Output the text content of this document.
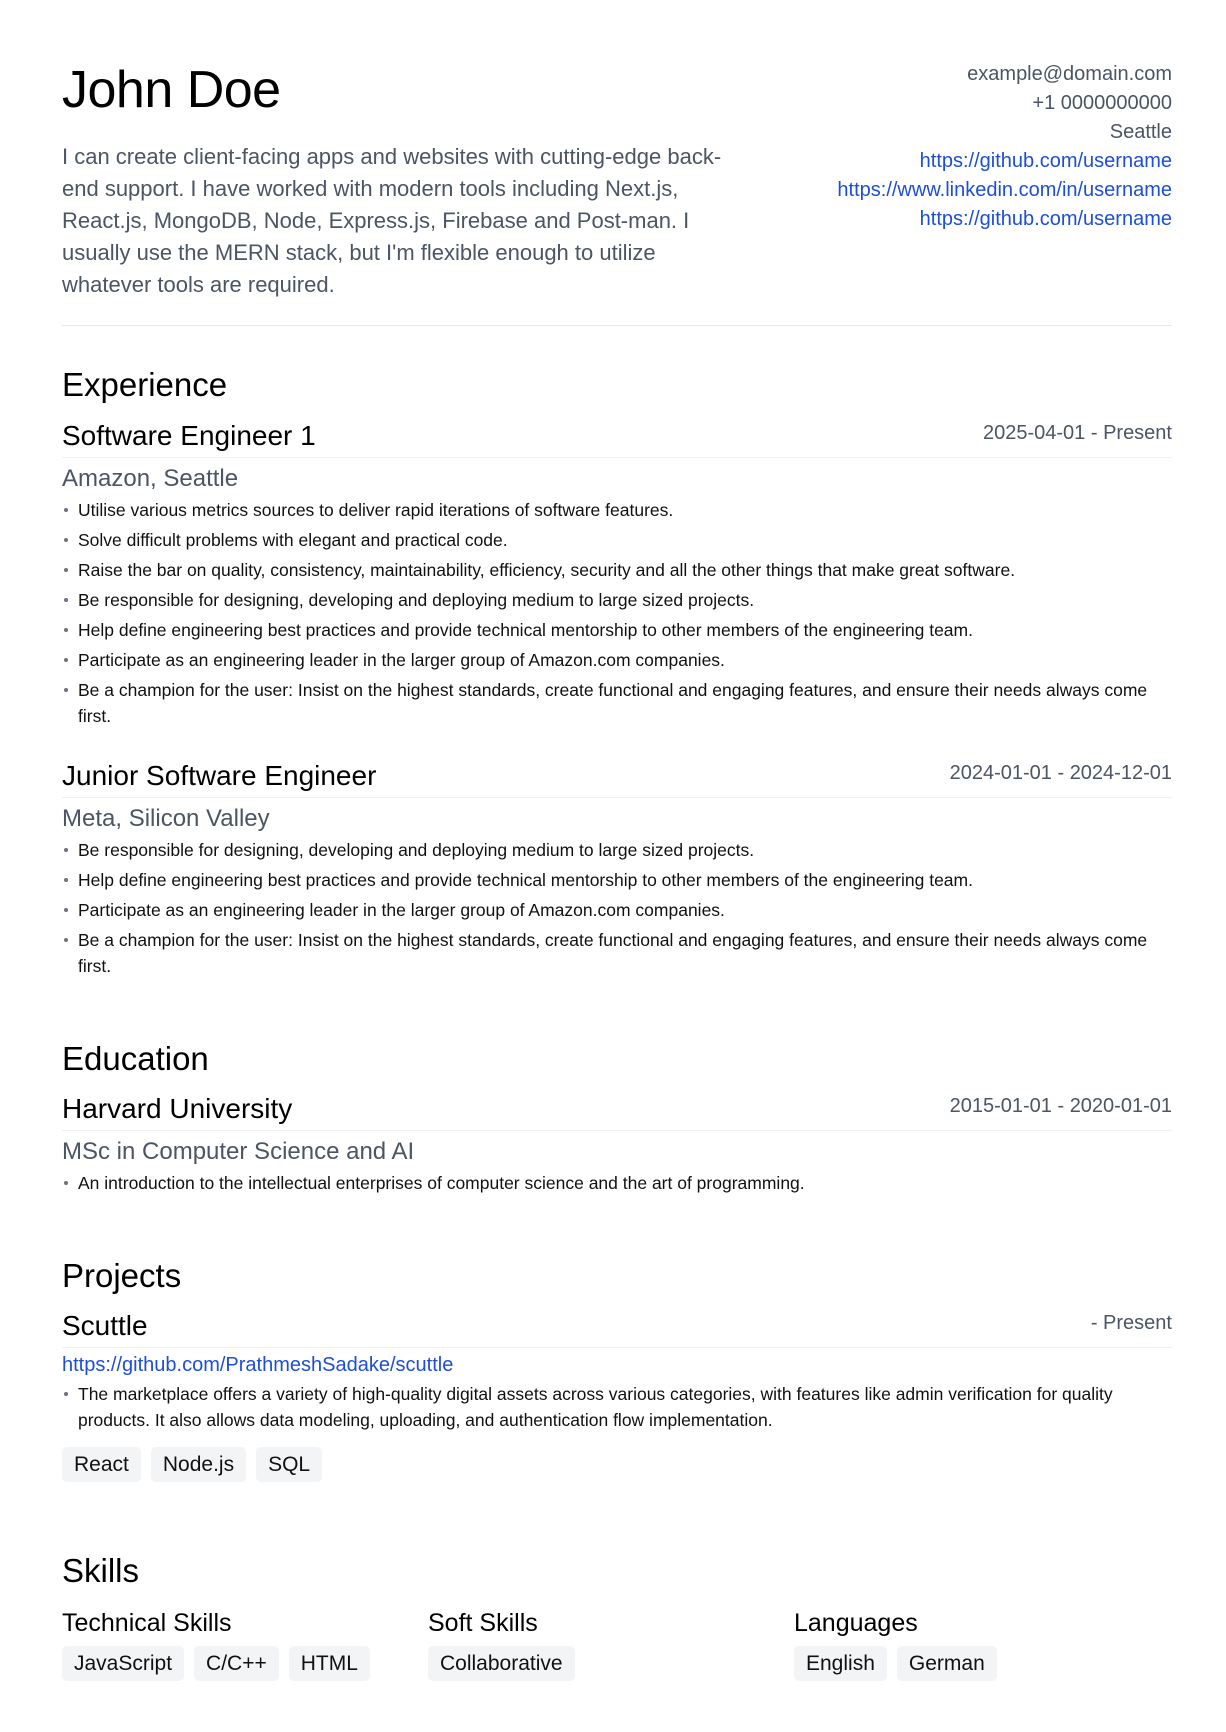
John Doe

I can create client-facing apps and websites with cutting-edge back-end support. I have worked with modern tools including Next.js, React.js, MongoDB, Node, Express.js, Firebase and Post-man. I usually use the MERN stack, but I'm flexible enough to utilize whatever tools are required.

example@domain.com
+1 0000000000
Seattle
https://github.com/username
https://www.linkedin.com/in/username
https://github.com/username
Experience
Software Engineer 1	2025-04-01 - Present
Amazon, Seattle
Utilise various metrics sources to deliver rapid iterations of software features.
Solve difficult problems with elegant and practical code.
Raise the bar on quality, consistency, maintainability, efficiency, security and all the other things that make great software.
Be responsible for designing, developing and deploying medium to large sized projects.
Help define engineering best practices and provide technical mentorship to other members of the engineering team.
Participate as an engineering leader in the larger group of Amazon.com companies.
Be a champion for the user: Insist on the highest standards, create functional and engaging features, and ensure their needs always come first.
Junior Software Engineer	2024-01-01 - 2024-12-01
Meta, Silicon Valley
Be responsible for designing, developing and deploying medium to large sized projects.
Help define engineering best practices and provide technical mentorship to other members of the engineering team.
Participate as an engineering leader in the larger group of Amazon.com companies.
Be a champion for the user: Insist on the highest standards, create functional and engaging features, and ensure their needs always come first.
Education
Harvard University	2015-01-01 - 2020-01-01
MSc in Computer Science and AI
An introduction to the intellectual enterprises of computer science and the art of programming.
Projects
Scuttle	- Present
https://github.com/PrathmeshSadake/scuttle
The marketplace offers a variety of high-quality digital assets across various categories, with features like admin verification for quality products. It also allows data modeling, uploading, and authentication flow implementation.
React	Node.js	SQL
Skills
Technical Skills
JavaScript	C/C++	HTML
Soft Skills
Collaborative
Languages
English	German
